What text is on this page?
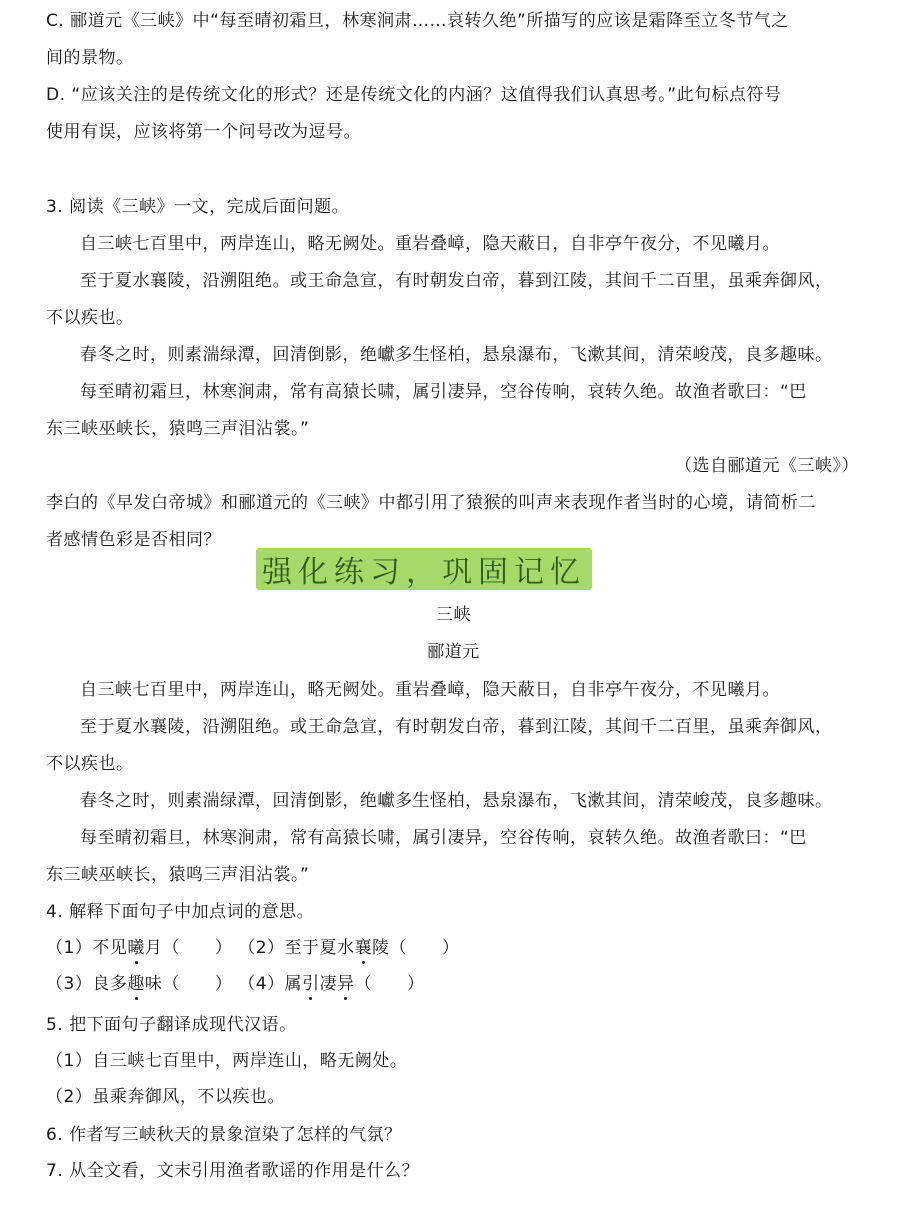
C. 郦道元《三峡》中“每至晴初霜旦，林寒涧肃……哀转久绝”所描写的应该是霜降至立冬节气之
间的景物。
D. “应该关注的是传统文化的形式？还是传统文化的内涵？这值得我们认真思考。”此句标点符号
使用有误，应该将第一个问号改为逗号。
3. 阅读《三峡》一文，完成后面问题。
自三峡七百里中，两岸连山，略无阙处。重岩叠嶂，隐天蔽日，自非亭午夜分，不见曦月。
至于夏水襄陵，沿溯阻绝。或王命急宣，有时朝发白帝，暮到江陵，其间千二百里，虽乘奔御风，
不以疾也。
春冬之时，则素湍绿潭，回清倒影，绝巘多生怪柏，悬泉瀑布，飞漱其间，清荣峻茂，良多趣味。
每至晴初霜旦，林寒涧肃，常有高猿长啸，属引凄异，空谷传响，哀转久绝。故渔者歌曰：“巴
东三峡巫峡长，猿鸣三声泪沾裳。”
（选自郦道元《三峡》）
李白的《早发白帝城》和郦道元的《三峡》中都引用了猿猴的叫声来表现作者当时的心境，请简析二
者感情色彩是否相同？
强化练习，巩固记忆
三峡
郦道元
自三峡七百里中，两岸连山，略无阙处。重岩叠嶂，隐天蔽日，自非亭午夜分，不见曦月。
至于夏水襄陵，沿溯阻绝。或王命急宣，有时朝发白帝，暮到江陵，其间千二百里，虽乘奔御风，
不以疾也。
春冬之时，则素湍绿潭，回清倒影，绝巘多生怪柏，悬泉瀑布，飞漱其间，清荣峻茂，良多趣味。
每至晴初霜旦，林寒涧肃，常有高猿长啸，属引凄异，空谷传响，哀转久绝。故渔者歌曰：“巴
东三峡巫峡长，猿鸣三声泪沾裳。”
4. 解释下面句子中加点词的意思。
（1）不见曦月（　　） （2）至于夏水襄陵（　　）
（3）良多趣味（　　） （4）属引凄异（　　）
5. 把下面句子翻译成现代汉语。
（1）自三峡七百里中，两岸连山，略无阙处。
（2）虽乘奔御风，不以疾也。
6. 作者写三峡秋天的景象渲染了怎样的气氛？
7. 从全文看，文末引用渔者歌谣的作用是什么？
